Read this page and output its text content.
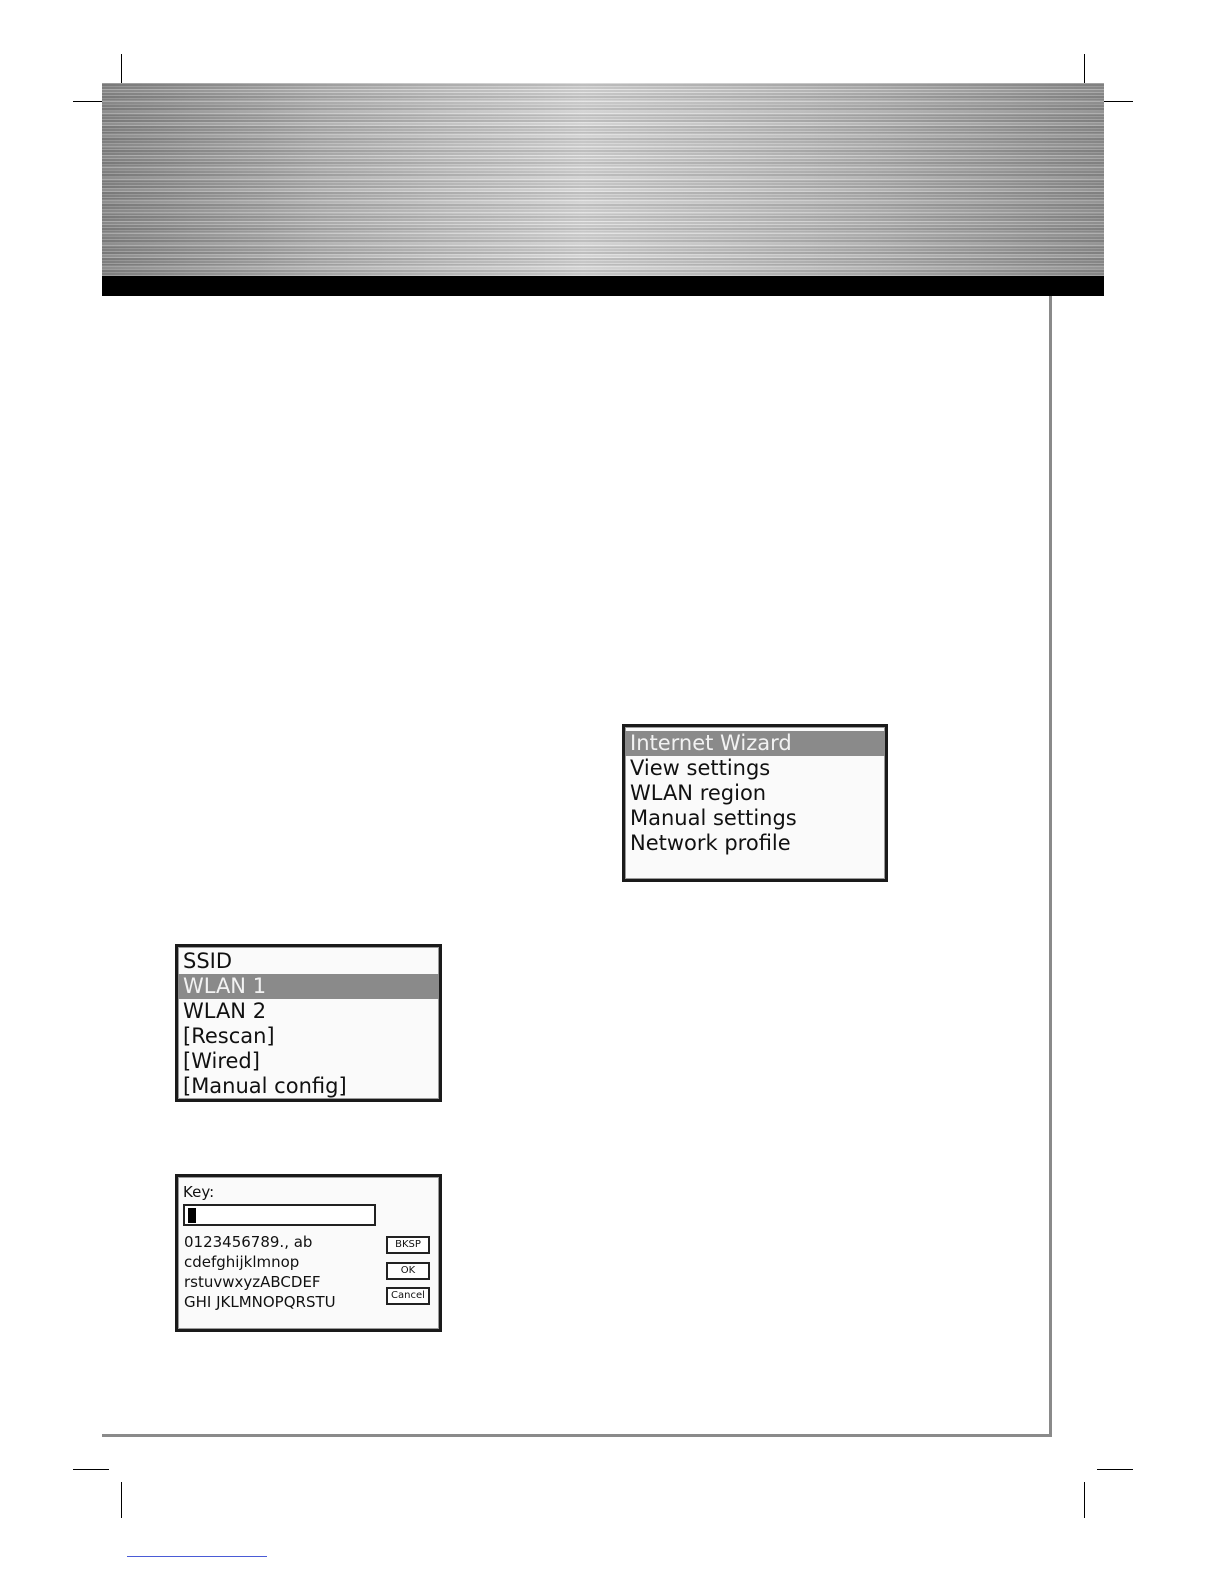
Internet Wizard
View settings
WLAN region
Manual settings
Network profile
SSID
WLAN 1
WLAN 2
[Rescan]
[Wired]
[Manual config]
Key:
0123456789., ab
cdefghijklmnop
rstuvwxyzABCDEF
GHI JKLMNOPQRSTU
BKSP
OK
Cancel
